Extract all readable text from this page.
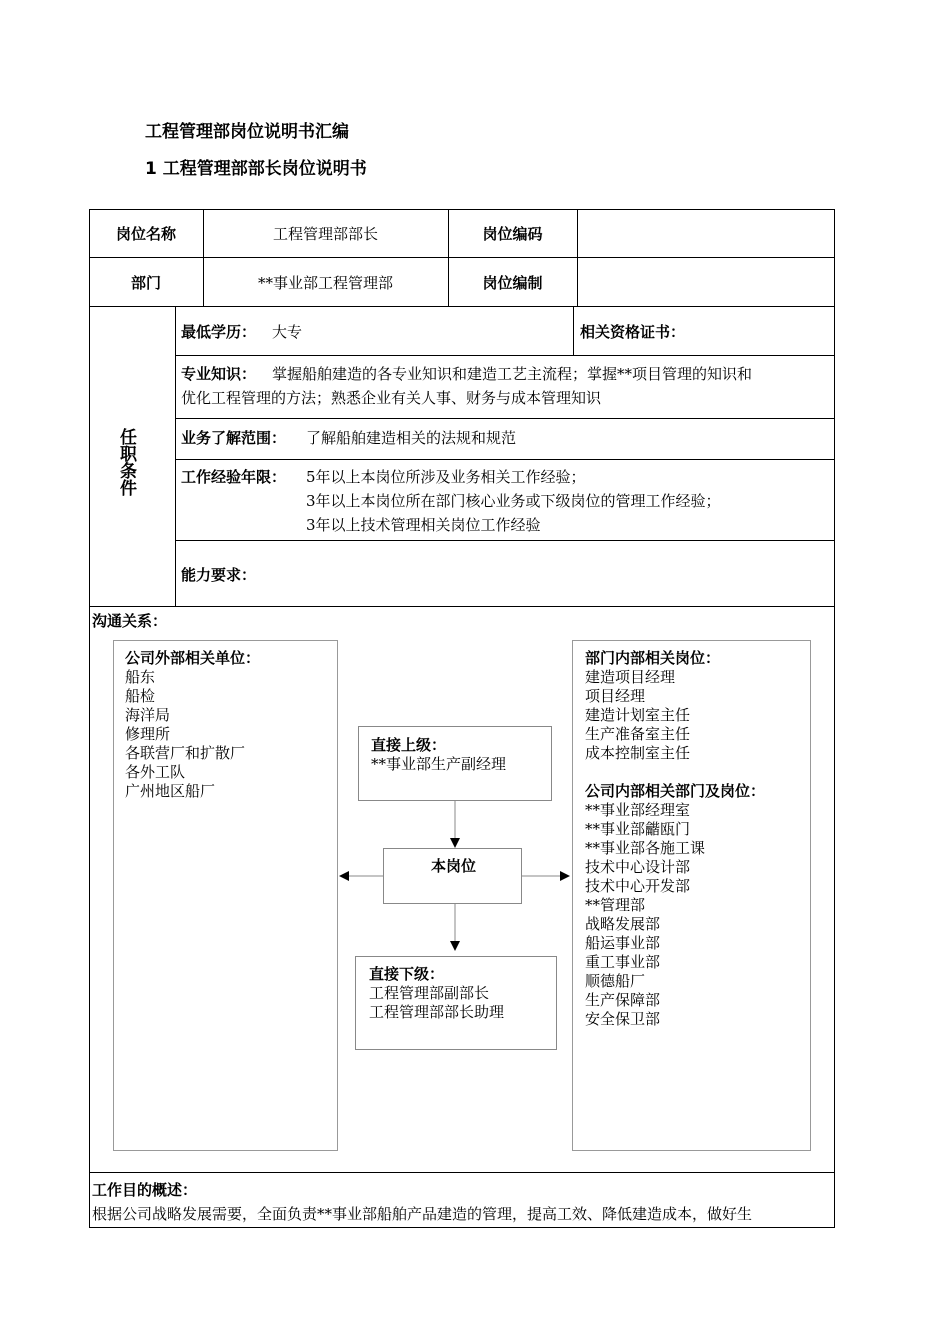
工程管理部岗位说明书汇编
1 工程管理部部长岗位说明书
岗位名称	工程管理部部长	岗位编码
部门	**事业部工程管理部	岗位编制
任
职
条
件
最低学历： 大专	相关资格证书：
专业知识： 掌握船舶建造的各专业知识和建造工艺主流程；掌握**项目管理的知识和
优化工程管理的方法；熟悉企业有关人事、财务与成本管理知识
业务了解范围： 了解船舶建造相关的法规和规范
工作经验年限： 5年以上本岗位所涉及业务相关工作经验；
3年以上本岗位所在部门核心业务或下级岗位的管理工作经验；
3年以上技术管理相关岗位工作经验
能力要求：
沟通关系：
公司外部相关单位：
船东
船检
海洋局
修理所
各联营厂和扩散厂
各外工队
广州地区船厂
部门内部相关岗位：
建造项目经理
项目经理
建造计划室主任
生产准备室主任
成本控制室主任
公司内部相关部门及岗位：
**事业部经理室
**事业部龤瓯门
**事业部各施工课
技术中心设计部
技术中心开发部
**管理部
战略发展部
船运事业部
重工事业部
顺德船厂
生产保障部
安全保卫部
直接上级：
**事业部生产副经理
本岗位
直接下级：
工程管理部副部长
工程管理部部长助理
工作目的概述：
根据公司战略发展需要，全面负责**事业部船舶产品建造的管理，提高工效、降低建造成本，做好生
